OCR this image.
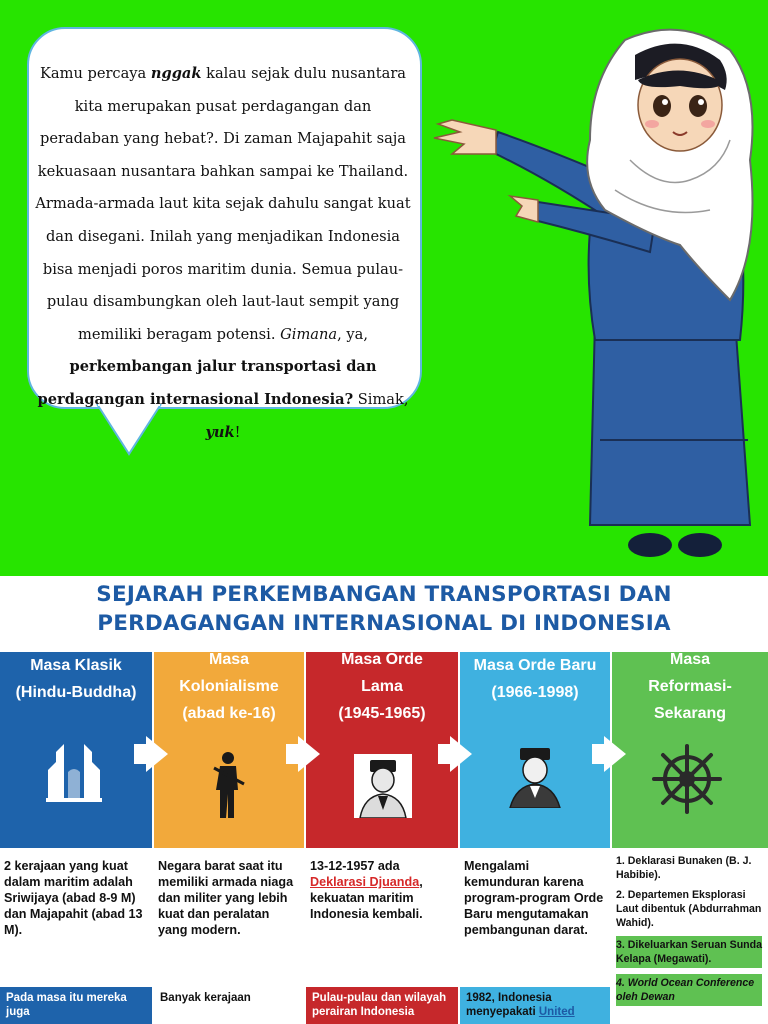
Kamu percaya nggak kalau sejak dulu nusantara kita merupakan pusat perdagangan dan peradaban yang hebat?. Di zaman Majapahit saja kekuasaan nusantara bahkan sampai ke Thailand. Armada-armada laut kita sejak dahulu sangat kuat dan disegani. Inilah yang menjadikan Indonesia bisa menjadi poros maritim dunia. Semua pulau-pulau disambungkan oleh laut-laut sempit yang memiliki beragam potensi. Gimana, ya, perkembangan jalur transportasi dan perdagangan internasional Indonesia? Simak, yuk!

SEJARAH PERKEMBANGAN TRANSPORTASI DAN
PERDAGANGAN INTERNASIONAL DI INDONESIA

Masa Klasik
(Hindu-Buddha)

2 kerajaan yang kuat dalam maritim adalah Sriwijaya (abad 8-9 M) dan Majapahit (abad 13 M).

Pada masa itu mereka juga
Masa
Kolonialisme
(abad ke-16)

Negara barat saat itu memiliki armada niaga dan militer yang lebih kuat dan peralatan yang modern.

Banyak kerajaan
Masa Orde
Lama
(1945-1965)

13-12-1957 ada Deklarasi Djuanda, kekuatan maritim Indonesia kembali.

Pulau-pulau dan wilayah perairan Indonesia
Masa Orde Baru
(1966-1998)

Mengalami kemunduran karena program-program Orde Baru mengutamakan pembangunan darat.

1982, Indonesia menyepakati United
Masa
Reformasi-
Sekarang
1. Deklarasi Bunaken (B. J. Habibie).
2. Departemen Eksplorasi Laut dibentuk (Abdurrahman Wahid).
3. Dikeluarkan Seruan Sunda Kelapa (Megawati).
4. World Ocean Conference oleh Dewan
